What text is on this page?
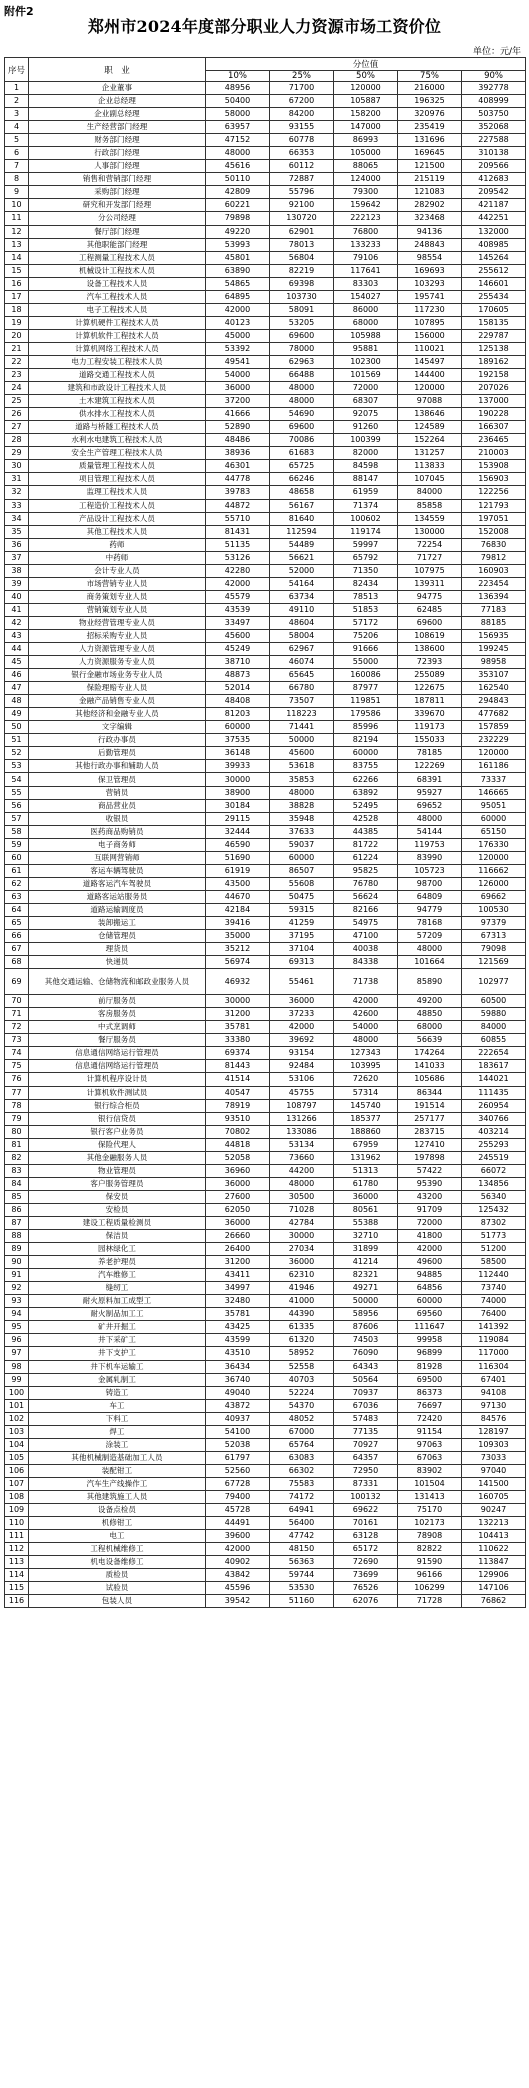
附件2
郑州市2024年度部分职业人力资源市场工资价位
单位：元/年
序号	职　业	分位值				
		10%	25%	50%	75%	90%
1	企业董事	48956	71700	120000	216000	392778
2	企业总经理	50400	67200	105887	196325	408999
3	企业副总经理	58000	84200	158200	320976	503750
4	生产经营部门经理	63957	93155	147000	235419	352068
5	财务部门经理	47152	60778	86993	131696	227588
6	行政部门经理	48000	66353	105000	169645	310138
7	人事部门经理	45616	60112	88065	121500	209566
8	销售和营销部门经理	50110	72887	124000	215119	412683
9	采购部门经理	42809	55796	79300	121083	209542
10	研究和开发部门经理	60221	92100	159642	282902	421187
11	分公司经理	79898	130720	222123	323468	442251
12	餐厅部门经理	49220	62901	76800	94136	132000
13	其他职能部门经理	53993	78013	133233	248843	408985
14	工程测量工程技术人员	45801	56804	79106	98554	145264
15	机械设计工程技术人员	63890	82219	117641	169693	255612
16	设备工程技术人员	54865	69398	83303	103293	146601
17	汽车工程技术人员	64895	103730	154027	195741	255434
18	电子工程技术人员	42000	58091	86000	117230	170605
19	计算机硬件工程技术人员	40123	53205	68000	107895	158135
20	计算机软件工程技术人员	45000	69600	105988	156000	229787
21	计算机网络工程技术人员	53392	78000	95881	110021	125138
22	电力工程安装工程技术人员	49541	62963	102300	145497	189162
23	道路交通工程技术人员	54000	66488	101569	144400	192158
24	建筑和市政设计工程技术人员	36000	48000	72000	120000	207026
25	土木建筑工程技术人员	37200	48000	68307	97088	137000
26	供水排水工程技术人员	41666	54690	92075	138646	190228
27	道路与桥隧工程技术人员	52890	69600	91260	124589	166307
28	水利水电建筑工程技术人员	48486	70086	100399	152264	236465
29	安全生产管理工程技术人员	38936	61683	82000	131257	210003
30	质量管理工程技术人员	46301	65725	84598	113833	153908
31	项目管理工程技术人员	44778	66246	88147	107045	156903
32	监理工程技术人员	39783	48658	61959	84000	122256
33	工程造价工程技术人员	44872	56167	71374	85858	121793
34	产品设计工程技术人员	55710	81640	100602	134559	197051
35	其他工程技术人员	81431	112594	119174	130000	152008
36	药师	51135	54489	59997	72254	76830
37	中药师	53126	56621	65792	71727	79812
38	会计专业人员	42280	52000	71350	107975	160903
39	市场营销专业人员	42000	54164	82434	139311	223454
40	商务策划专业人员	45579	63734	78513	94775	136394
41	营销策划专业人员	43539	49110	51853	62485	77183
42	物业经营管理专业人员	33497	48604	57172	69600	88185
43	招标采购专业人员	45600	58004	75206	108619	156935
44	人力资源管理专业人员	45249	62967	91666	138600	199245
45	人力资源服务专业人员	38710	46074	55000	72393	98958
46	银行金融市场业务专业人员	48873	65645	160086	255089	353107
47	保险理赔专业人员	52014	66780	87977	122675	162540
48	金融产品销售专业人员	48408	73507	119851	187811	294843
49	其他经济和金融专业人员	81203	118223	179586	339670	477682
50	文字编辑	60000	71441	85996	119173	157859
51	行政办事员	37535	50000	82194	155033	232229
52	后勤管理员	36148	45600	60000	78185	120000
53	其他行政办事和辅助人员	39933	53618	83755	122269	161186
54	保卫管理员	30000	35853	62266	68391	73337
55	营销员	38900	48000	63892	95927	146665
56	商品营业员	30184	38828	52495	69652	95051
57	收银员	29115	35948	42528	48000	60000
58	医药商品购销员	32444	37633	44385	54144	65150
59	电子商务师	46590	59037	81722	119753	176330
60	互联网营销师	51690	60000	61224	83990	120000
61	客运车辆驾驶员	61919	86507	95825	105723	116662
62	道路客运汽车驾驶员	43500	55608	76780	98700	126000
63	道路客运站服务员	44670	50475	56624	64809	69662
64	道路运输调度员	42184	59315	82166	94779	100530
65	装卸搬运工	39416	41259	54975	78168	97379
66	仓储管理员	35000	37195	47100	57209	67313
67	理货员	35212	37104	40038	48000	79098
68	快递员	56974	69313	84338	101664	121569
69	其他交通运输、仓储物流和邮政业服务人员	46932	55461	71738	85890	102977
70	前厅服务员	30000	36000	42000	49200	60500
71	客房服务员	31200	37233	42600	48850	59880
72	中式烹调师	35781	42000	54000	68000	84000
73	餐厅服务员	33380	39692	48000	56639	60855
74	信息通信网络运行管理员	69374	93154	127343	174264	222654
75	信息通信网络运行管理员	81443	92484	103995	141033	183617
76	计算机程序设计员	41514	53106	72620	105686	144021
77	计算机软件测试员	40547	45755	57314	86344	111435
78	银行综合柜员	78919	108797	145740	191514	260954
79	银行信贷员	93510	131266	185377	257177	340766
80	银行客户业务员	70802	133086	188860	283715	403214
81	保险代理人	44818	53134	67959	127410	255293
82	其他金融服务人员	52058	73660	131962	197898	245519
83	物业管理员	36960	44200	51313	57422	66072
84	客户服务管理员	36000	48000	61780	95390	134856
85	保安员	27600	30500	36000	43200	56340
86	安检员	62050	71028	80561	91709	125432
87	建设工程质量检测员	36000	42784	55388	72000	87302
88	保洁员	26660	30000	32710	41800	51773
89	园林绿化工	26400	27034	31899	42000	51200
90	养老护理员	31200	36000	41214	49600	58500
91	汽车维修工	43411	62310	82321	94885	112440
92	缝纫工	34997	41946	49271	64856	73740
93	耐火原料加工成型工	32480	41000	50000	60000	74000
94	耐火制品加工工	35781	44390	58956	69560	76400
95	矿井开掘工	43425	61335	87606	111647	141392
96	井下采矿工	43599	61320	74503	99958	119084
97	井下支护工	43510	58952	76090	96899	117000
98	井下机车运输工	36434	52558	64343	81928	116304
99	金属轧制工	36740	40703	50564	69500	67401
100	铸造工	49040	52224	70937	86373	94108
101	车工	43872	54370	67036	76697	97130
102	下料工	40937	48052	57483	72420	84576
103	焊工	54100	67000	77135	91154	128197
104	涂装工	52038	65764	70927	97063	109303
105	其他机械制造基础加工人员	61797	63083	64357	67063	73033
106	装配钳工	52560	66302	72950	83902	97040
107	汽车生产线操作工	67728	75583	87331	101504	141500
108	其他建筑施工人员	79400	74172	100132	131413	160705
109	设备点检员	45728	64941	69622	75170	90247
110	机修钳工	44491	56400	70161	102173	132213
111	电工	39600	47742	63128	78908	104413
112	工程机械维修工	42000	48150	65172	82822	110622
113	机电设备维修工	40902	56363	72690	91590	113847
114	质检员	43842	59744	73699	96166	129906
115	试验员	45596	53530	76526	106299	147106
116	包装人员	39542	51160	62076	71728	76862
